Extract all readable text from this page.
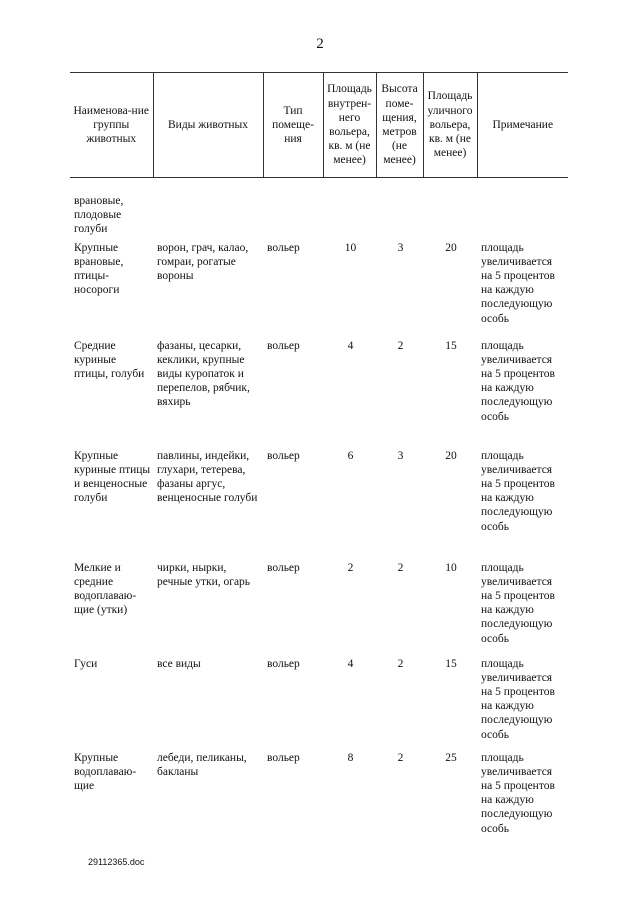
2
Наименова-ние группы животных	Виды животных	Тип помеще-ния	Площадь внутрен-него вольера, кв. м (не менее)	Высота поме-щения, метров (не менее)	Площадь уличного вольера, кв. м (не менее)	Примечание
врановые, плодовые голуби						
Крупные врановые, птицы-носороги	ворон, грач, калао, гомраи, рогатые вороны	вольер	10	3	20	площадь увеличивается на 5 процентов на каждую последующую особь
Средние куриные птицы, голуби	фазаны, цесарки, кеклики, крупные виды куропаток и перепелов, рябчик, вяхирь	вольер	4	2	15	площадь увеличивается на 5 процентов на каждую последующую особь
Крупные куриные птицы и венценосные голуби	павлины, индейки, глухари, тетерева, фазаны аргус, венценосные голуби	вольер	6	3	20	площадь увеличивается на 5 процентов на каждую последующую особь
Мелкие и средние водоплаваю-щие (утки)	чирки, нырки, речные утки, огарь	вольер	2	2	10	площадь увеличивается на 5 процентов на каждую последующую особь
Гуси	все виды	вольер	4	2	15	площадь увеличивается на 5 процентов на каждую последующую особь
Крупные водоплаваю-щие	лебеди, пеликаны, бакланы	вольер	8	2	25	площадь увеличивается на 5 процентов на каждую последующую особь
29112365.doc
